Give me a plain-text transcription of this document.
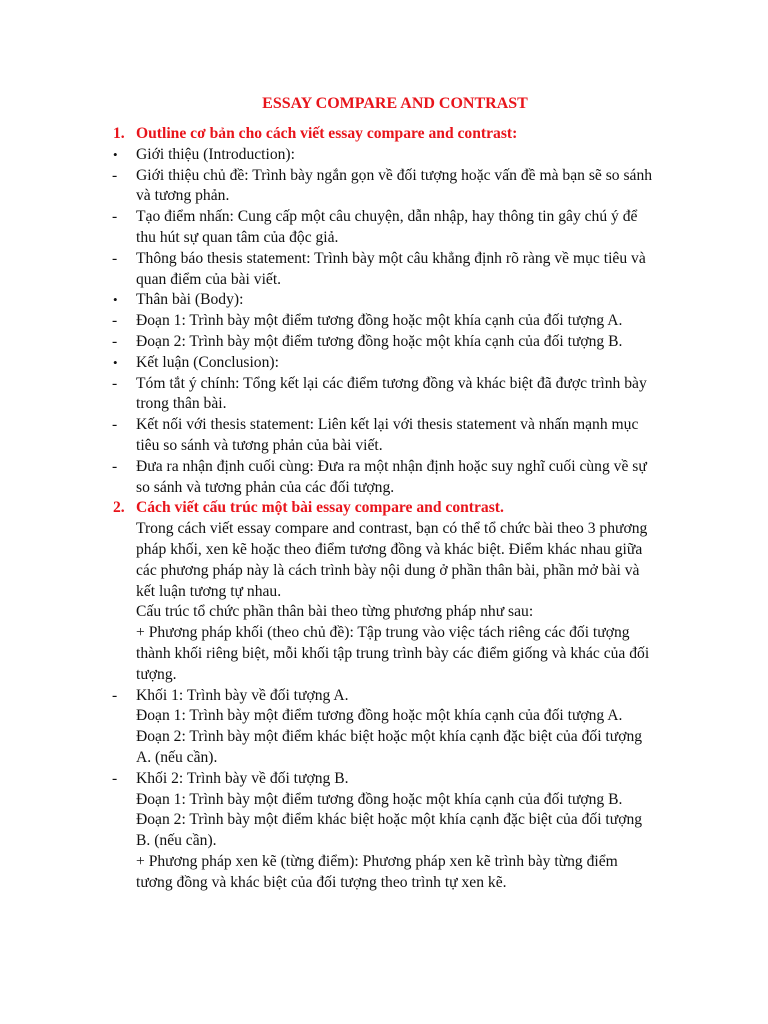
ESSAY COMPARE AND CONTRAST
1. Outline cơ bản cho cách viết essay compare and contrast:
• Giới thiệu (Introduction):
- Giới thiệu chủ đề: Trình bày ngắn gọn về đối tượng hoặc vấn đề mà bạn sẽ so sánh
và tương phản.
- Tạo điểm nhấn: Cung cấp một câu chuyện, dẫn nhập, hay thông tin gây chú ý để
thu hút sự quan tâm của độc giả.
- Thông báo thesis statement: Trình bày một câu khẳng định rõ ràng về mục tiêu và
quan điểm của bài viết.
• Thân bài (Body):
- Đoạn 1: Trình bày một điểm tương đồng hoặc một khía cạnh của đối tượng A.
- Đoạn 2: Trình bày một điểm tương đồng hoặc một khía cạnh của đối tượng B.
• Kết luận (Conclusion):
- Tóm tắt ý chính: Tổng kết lại các điểm tương đồng và khác biệt đã được trình bày
trong thân bài.
- Kết nối với thesis statement: Liên kết lại với thesis statement và nhấn mạnh mục
tiêu so sánh và tương phản của bài viết.
- Đưa ra nhận định cuối cùng: Đưa ra một nhận định hoặc suy nghĩ cuối cùng về sự
so sánh và tương phản của các đối tượng.
2. Cách viết cấu trúc một bài essay compare and contrast.
Trong cách viết essay compare and contrast, bạn có thể tổ chức bài theo 3 phương
pháp khối, xen kẽ hoặc theo điểm tương đồng và khác biệt. Điểm khác nhau giữa
các phương pháp này là cách trình bày nội dung ở phần thân bài, phần mở bài và
kết luận tương tự nhau.
Cấu trúc tổ chức phần thân bài theo từng phương pháp như sau:
+ Phương pháp khối (theo chủ đề): Tập trung vào việc tách riêng các đối tượng
thành khối riêng biệt, mỗi khối tập trung trình bày các điểm giống và khác của đối
tượng.
- Khối 1: Trình bày về đối tượng A.
Đoạn 1: Trình bày một điểm tương đồng hoặc một khía cạnh của đối tượng A.
Đoạn 2: Trình bày một điểm khác biệt hoặc một khía cạnh đặc biệt của đối tượng
A. (nếu cần).
- Khối 2: Trình bày về đối tượng B.
Đoạn 1: Trình bày một điểm tương đồng hoặc một khía cạnh của đối tượng B.
Đoạn 2: Trình bày một điểm khác biệt hoặc một khía cạnh đặc biệt của đối tượng
B. (nếu cần).
+ Phương pháp xen kẽ (từng điểm): Phương pháp xen kẽ trình bày từng điểm
tương đồng và khác biệt của đối tượng theo trình tự xen kẽ.
